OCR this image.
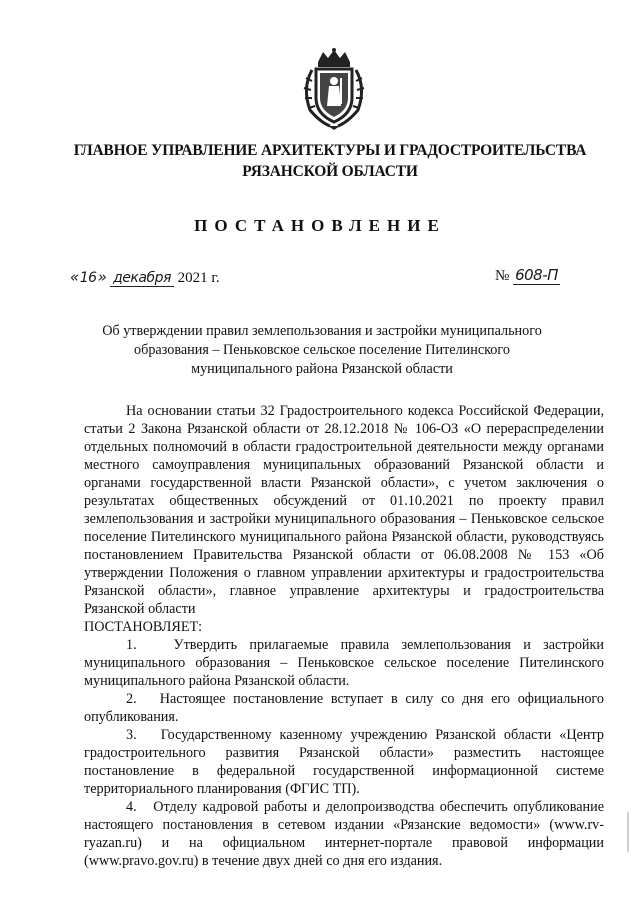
ГЛАВНОЕ УПРАВЛЕНИЕ АРХИТЕКТУРЫ И ГРАДОСТРОИТЕЛЬСТВА
РЯЗАНСКОЙ ОБЛАСТИ
ПОСТАНОВЛЕНИЕ
«16» декабря 2021 г.	№ 608-П
Об утверждении правил землепользования и застройки муниципального образования – Пеньковское сельское поселение Пителинского муниципального района Рязанской области

На основании статьи 32 Градостроительного кодекса Российской Федерации, статьи 2 Закона Рязанской области от 28.12.2018 № 106-ОЗ «О перераспределении отдельных полномочий в области градостроительной деятельности между органами местного самоуправления муниципальных образований Рязанской области и органами государственной власти Рязанской области», с учетом заключения о результатах общественных обсуждений от 01.10.2021 по проекту правил землепользования и застройки муниципального образования – Пеньковское сельское поселение Пителинского муниципального района Рязанской области, руководствуясь постановлением Правительства Рязанской области от 06.08.2008 № 153 «Об утверждении Положения о главном управлении архитектуры и градостроительства Рязанской области», главное управление архитектуры и градостроительства Рязанской области

ПОСТАНОВЛЯЕТ:

1.   Утвердить прилагаемые правила землепользования и застройки муниципального образования – Пеньковское сельское поселение Пителинского муниципального района Рязанской области.

2.   Настоящее постановление вступает в силу со дня его официального опубликования.

3.   Государственному казенному учреждению Рязанской области «Центр градостроительного развития Рязанской области» разместить настоящее постановление в федеральной государственной информационной системе территориального планирования (ФГИС ТП).

4.   Отделу кадровой работы и делопроизводства обеспечить опубликование настоящего постановления в сетевом издании «Рязанские ведомости» (www.rv-ryazan.ru) и на официальном интернет-портале правовой информации (www.pravo.gov.ru) в течение двух дней со дня его издания.
